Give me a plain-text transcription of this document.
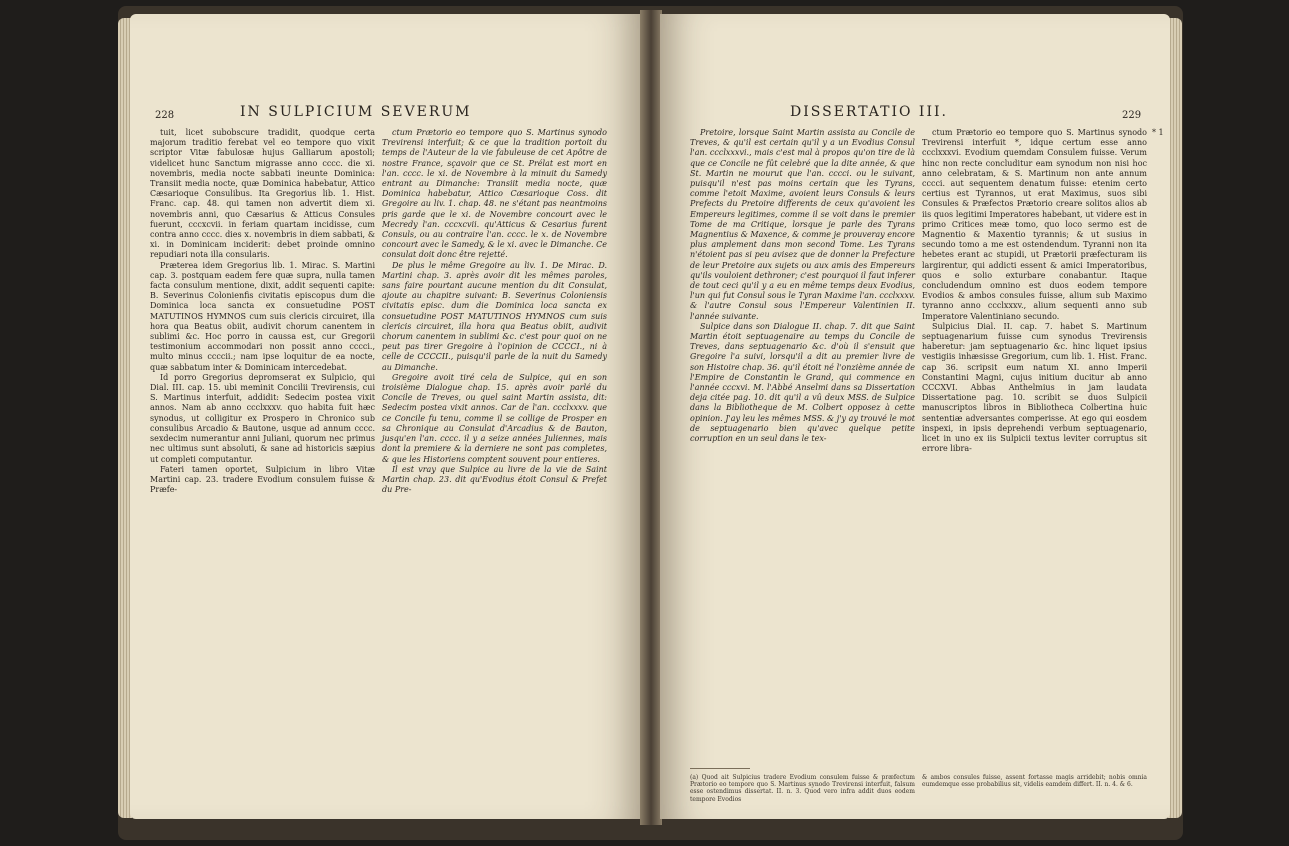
228	IN SULPICIUM SEVERUM

tuit, licet subobscure tradidit, quodque certa majorum traditio ferebat vel eo tempore quo vixit scriptor Vitæ fabulosæ hujus Galliarum apostoli; videlicet hunc Sanctum migrasse anno cccc. die xi. novembris, media nocte sabbati ineunte Dominica: Transiit media nocte, quæ Dominica habebatur, Attico Cæsarioque Consulibus. Ita Gregorius lib. 1. Hist. Franc. cap. 48. qui tamen non advertit diem xi. novembris anni, quo Cæsarius & Atticus Consules fuerunt, cccxcvii. in feriam quartam incidisse, cum contra anno cccc. dies x. novembris in diem sabbati, & xi. in Dominicam inciderit: debet proinde omnino repudiari nota illa consularis.

Præterea idem Gregorius lib. 1. Mirac. S. Martini cap. 3. postquam eadem fere quæ supra, nulla tamen facta consulum mentione, dixit, addit sequenti capite: B. Severinus Colonienfis civitatis episcopus dum die Dominica loca sancta ex consuetudine POST MATUTINOS HYMNOS cum suis clericis circuiret, illa hora qua Beatus obiit, audivit chorum canentem in sublimi &c. Hoc porro in caussa est, cur Gregorii testimonium accommodari non possit anno cccci., multo minus ccccii.; nam ipse loquitur de ea nocte, quæ sabbatum inter & Dominicam intercedebat.

Id porro Gregorius depromserat ex Sulpicio, qui Dial. III. cap. 15. ubi meminit Concilii Trevirensis, cui S. Martinus interfuit, addidit: Sedecim postea vixit annos. Nam ab anno ccclxxxv. quo habita fuit hæc synodus, ut colligitur ex Prospero in Chronico sub consulibus Arcadio & Bautone, usque ad annum cccc. sexdecim numerantur anni Juliani, quorum nec primus nec ultimus sunt absoluti, & sane ad historicis sæpius ut completi computantur.

Fateri tamen oportet, Sulpicium in libro Vitæ Martini cap. 23. tradere Evodium consulem fuisse & Præfe-

ctum Prætorio eo tempore quo S. Martinus synodo Trevirensi interfuit; & ce que la tradition portoit du temps de l'Auteur de la vie fabuleuse de cet Apôtre de nostre France, sçavoir que ce St. Prélat est mort en l'an. cccc. le xi. de Novembre à la minuit du Samedy entrant au Dimanche: Transiit media nocte, quæ Dominica habebatur, Attico Cæsarioque Coss. dit Gregoire au liv. 1. chap. 48. ne s'étant pas neantmoins pris garde que le xi. de Novembre concourt avec le Mecredy l'an. cccxcvii. qu'Atticus & Cesarius furent Consuls, ou au contraire l'an. cccc. le x. de Novembre concourt avec le Samedy, & le xi. avec le Dimanche. Ce consulat doit donc être rejetté.

De plus le même Gregoire au liv. 1. De Mirac. D. Martini chap. 3. après avoir dit les mêmes paroles, sans faire pourtant aucune mention du dit Consulat, ajoute au chapitre suivant: B. Severinus Coloniensis civitatis episc. dum die Dominica loca sancta ex consuetudine POST MATUTINOS HYMNOS cum suis clericis circuiret, illa hora qua Beatus obiit, audivit chorum canentem in sublimi &c. c'est pour quoi on ne peut pas tirer Gregoire à l'opinion de CCCCI., ni à celle de CCCCII., puisqu'il parle de la nuit du Samedy au Dimanche.

Gregoire avoit tiré cela de Sulpice, qui en son troisième Dialogue chap. 15. après avoir parlé du Concile de Treves, ou quel saint Martin assista, dit: Sedecim postea vixit annos. Car de l'an. ccclxxxv. que ce Concile fu tenu, comme il se collige de Prosper en sa Chronique au Consulat d'Arcadius & de Bauton, jusqu'en l'an. cccc. il y a seize années Juliennes, mais dont la premiere & la derniere ne sont pas completes, & que les Historiens comptent souvent pour entieres.

Il est vray que Sulpice au livre de la vie de Saint Martin chap. 23. dit qu'Evodius étoit Consul & Prefet du Pre-

DISSERTATIO III.	229

Pretoire, lorsque Saint Martin assista au Concile de Treves, & qu'il est certain qu'il y a un Evodius Consul l'an. ccclxxxvi., mais c'est mal à propos qu'on tire de là que ce Concile ne fût celebré que la dite année, & que St. Martin ne mourut que l'an. cccci. ou le suivant, puisqu'il n'est pas moins certain que les Tyrans, comme l'etoit Maxime, avoient leurs Consuls & leurs Prefects du Pretoire differents de ceux qu'avoient les Empereurs legitimes, comme il se voit dans le premier Tome de ma Critique, lorsque je parle des Tyrans Magnentius & Maxence, & comme je prouveray encore plus amplement dans mon second Tome. Les Tyrans n'étoient pas si peu avisez que de donner la Prefecture de leur Pretoire aux sujets ou aux amis des Empereurs qu'ils vouloient dethroner; c'est pourquoi il faut inferer de tout ceci qu'il y a eu en même temps deux Evodius, l'un qui fut Consul sous le Tyran Maxime l'an. ccclxxxv. & l'autre Consul sous l'Empereur Valentinien II. l'année suivante.

Sulpice dans son Dialogue II. chap. 7. dit que Saint Martin étoit septuagenaire au temps du Concile de Treves, dans septuagenario &c. d'où il s'ensuit que Gregoire l'a suivi, lorsqu'il a dit au premier livre de son Histoire chap. 36. qu'il étoit né l'onzième année de l'Empire de Constantin le Grand, qui commence en l'année cccxvi. M. l'Abbé Anselmi dans sa Dissertation deja citée pag. 10. dit qu'il a vû deux MSS. de Sulpice dans la Bibliotheque de M. Colbert opposez à cette opinion. J'ay leu les mêmes MSS. & j'y ay trouvé le mot de septuagenario bien qu'avec quelque petite corruption en un seul dans le tex-

ctum Prætorio eo tempore quo S. Martinus synodo Trevirensi interfuit *, idque certum esse anno ccclxxxvi. Evodium quemdam Consulem fuisse. Verum hinc non recte concluditur eam synodum non nisi hoc anno celebratam, & S. Martinum non ante annum cccci. aut sequentem denatum fuisse: etenim certo certius est Tyrannos, ut erat Maximus, suos sibi Consules & Præfectos Prætorio creare solitos alios ab iis quos legitimi Imperatores habebant, ut videre est in primo Critices meæ tomo, quo loco sermo est de Magnentio & Maxentio tyrannis; & ut susius in secundo tomo a me est ostendendum. Tyranni non ita hebetes erant ac stupidi, ut Prætorii præfecturam iis largirentur, qui addicti essent & amici Imperatoribus, quos e solio exturbare conabantur. Itaque concludendum omnino est duos eodem tempore Evodios & ambos consules fuisse, alium sub Maximo tyranno anno ccclxxxv., alium sequenti anno sub Imperatore Valentiniano secundo.

Sulpicius Dial. II. cap. 7. habet S. Martinum septuagenarium fuisse cum synodus Trevirensis haberetur: jam septuagenario &c. hinc liquet ipsius vestigiis inhæsisse Gregorium, cum lib. 1. Hist. Franc. cap 36. scripsit eum natum XI. anno Imperii Constantini Magni, cujus initium ducitur ab anno CCCXVI. Abbas Anthelmius in jam laudata Dissertatione pag. 10. scribit se duos Sulpicii manuscriptos libros in Bibliotheca Colbertina huic sententiæ adversantes comperisse. At ego qui eosdem inspexi, in ipsis deprehendi verbum septuagenario, licet in uno ex iis Sulpicii textus leviter corruptus sit errore libra-

* 1
(a) Quod ait Sulpicius tradere Evodium consulem fuisse & præfectum Prætorio eo tempore quo S. Martinus synodo Trevirensi interfuit, falsum esse ostendimus dissertat. II. n. 3. Quod vero infra addit duos eodem tempore Evodios
& ambos consules fuisse, assent fortasse magis arridebit; nobis omnia eumdemque esse probabilius sit, videlis eamdem differt. II. n. 4. & 6.
